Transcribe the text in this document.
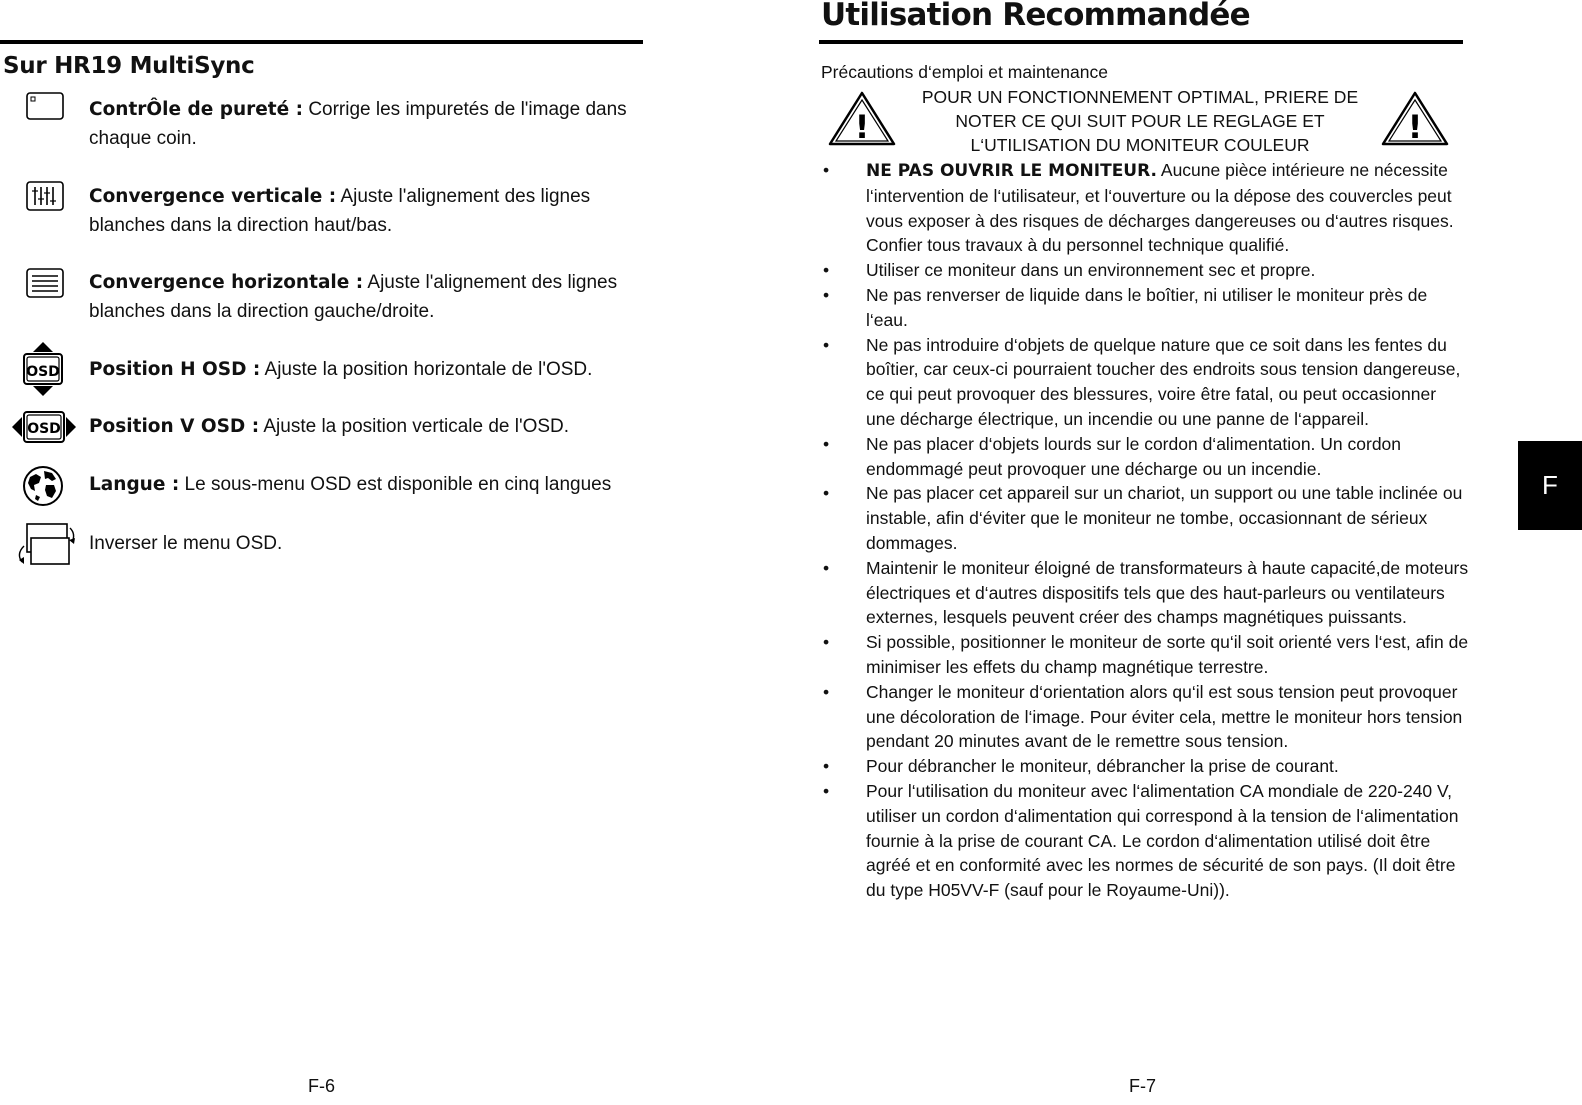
Sur HR19 MultiSync
ContrÔle de pureté : Corrige les impuretés de l'image dans chaque coin.
Convergence verticale : Ajuste l'alignement des lignes blanches dans la direction haut/bas.
Convergence horizontale : Ajuste l'alignement des lignes blanches dans la direction gauche/droite.
OSD Position H OSD : Ajuste la position horizontale de l'OSD.
OSD Position V OSD : Ajuste la position verticale de l'OSD.
Langue : Le sous-menu OSD est disponible en cinq langues
Inverser le menu OSD.
F-6
Utilisation Recommandée
Précautions d‘emploi et maintenance
!	!
POUR UN FONCTIONNEMENT OPTIMAL, PRIERE DE
NOTER CE QUI SUIT POUR LE REGLAGE ET
L‘UTILISATION DU MONITEUR COULEUR
• NE PAS OUVRIR LE MONITEUR. Aucune pièce intérieure ne nécessite l‘intervention de l‘utilisateur, et l‘ouverture ou la dépose des couvercles peut vous exposer à des risques de décharges dangereuses ou d‘autres risques. Confier tous travaux à du personnel technique qualifié.
• Utiliser ce moniteur dans un environnement sec et propre.
• Ne pas renverser de liquide dans le boîtier, ni utiliser le moniteur près de l‘eau.
• Ne pas introduire d‘objets de quelque nature que ce soit dans les fentes du boîtier, car ceux-ci pourraient toucher des endroits sous tension dangereuse, ce qui peut provoquer des blessures, voire être fatal, ou peut occasionner une décharge électrique, un incendie ou une panne de l‘appareil.
• Ne pas placer d‘objets lourds sur le cordon d‘alimentation. Un cordon endommagé peut provoquer une décharge ou un incendie.
• Ne pas placer cet appareil sur un chariot, un support ou une table inclinée ou instable, afin d‘éviter que le moniteur ne tombe, occasionnant de sérieux dommages.
• Maintenir le moniteur éloigné de transformateurs à haute capacité,de moteurs électriques et d‘autres dispositifs tels que des haut-parleurs ou ventilateurs externes, lesquels peuvent créer des champs magnétiques puissants.
• Si possible, positionner le moniteur de sorte qu‘il soit orienté vers l‘est, afin de minimiser les effets du champ magnétique terrestre.
• Changer le moniteur d‘orientation alors qu‘il est sous tension peut provoquer une décoloration de l‘image. Pour éviter cela, mettre le moniteur hors tension pendant 20 minutes avant de le remettre sous tension.
• Pour débrancher le moniteur, débrancher la prise de courant.
• Pour l‘utilisation du moniteur avec l‘alimentation CA mondiale de 220-240 V, utiliser un cordon d‘alimentation qui correspond à la tension de l‘alimentation fournie à la prise de courant CA. Le cordon d‘alimentation utilisé doit être agréé et en conformité avec les normes de sécurité de son pays. (Il doit être du type H05VV-F (sauf pour le Royaume-Uni)).
F
F-7
